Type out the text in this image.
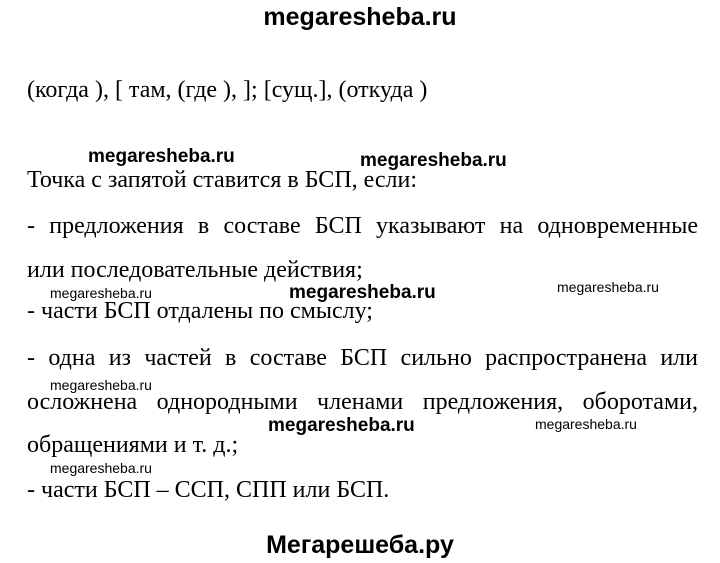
megaresheba.ru
megaresheba.ru	megaresheba.ru
megaresheba.ru	megaresheba.ru	megaresheba.ru
megaresheba.ru
megaresheba.ru	megaresheba.ru
megaresheba.ru
(когда ), [ там, (где ), ]; [сущ.], (откуда )
Точка с запятой ставится в БСП, если:
- предложения в составе БСП указывают на одновременные
или последовательные действия;
- части БСП отдалены по смыслу;
- одна из частей в составе БСП сильно распространена или
осложнена однородными членами предложения, оборотами,
обращениями и т. д.;
- части БСП – ССП, СПП или БСП.
Мегарешеба.ру
